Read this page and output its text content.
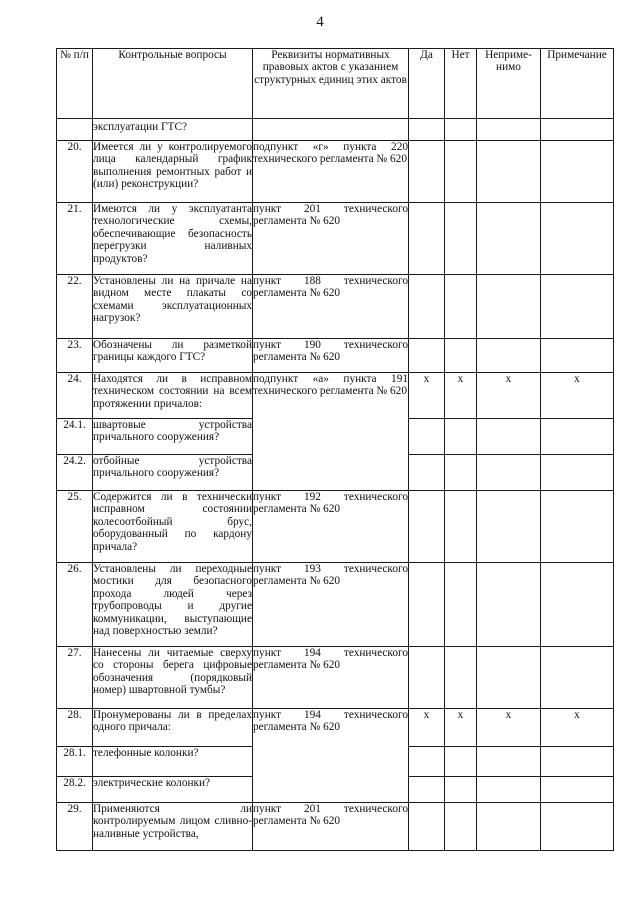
4
№ п/п	Контрольные вопросы	Реквизиты нормативных правовых актов с указанием структурных единиц этих актов	Да	Нет	Неприме-нимо	Примечание
	эксплуатации ГТС?					
20.	Имеется ли у контролируемого лица календарный график выполнения ремонтных работ и (или) реконструкции?	подпункт «г» пункта 220 технического регламента № 620				
21.	Имеются ли у эксплуатанта технологические схемы, обеспечивающие безопасность перегрузки наливных продуктов?	пункт 201 технического регламента № 620				
22.	Установлены ли на причале на видном месте плакаты со схемами эксплуатационных нагрузок?	пункт 188 технического регламента № 620				
23.	Обозначены ли разметкой границы каждого ГТС?	пункт 190 технического регламента № 620				
24.	Находятся ли в исправном техническом состоянии на всем протяжении причалов:	подпункт «а» пункта 191 технического регламента № 620	x	x	x	x
24.1.	швартовые устройства причального сооружения?					
24.2.	отбойные устройства причального сооружения?					
25.	Содержится ли в технически исправном состоянии колесоотбойный брус, оборудованный по кардону причала?	пункт 192 технического регламента № 620				
26.	Установлены ли переходные мостики для безопасного прохода людей через трубопроводы и другие коммуникации, выступающие над поверхностью земли?	пункт 193 технического регламента № 620				
27.	Нанесены ли читаемые сверху со стороны берега цифровые обозначения (порядковый номер) швартовной тумбы?	пункт 194 технического регламента № 620				
28.	Пронумерованы ли в пределах одного причала:	пункт 194 технического регламента № 620	x	x	x	x
28.1.	телефонные колонки?					
28.2.	электрические колонки?					
29.	Применяются ли контролируемым лицом сливно-наливные устройства,	пункт 201 технического регламента № 620				
